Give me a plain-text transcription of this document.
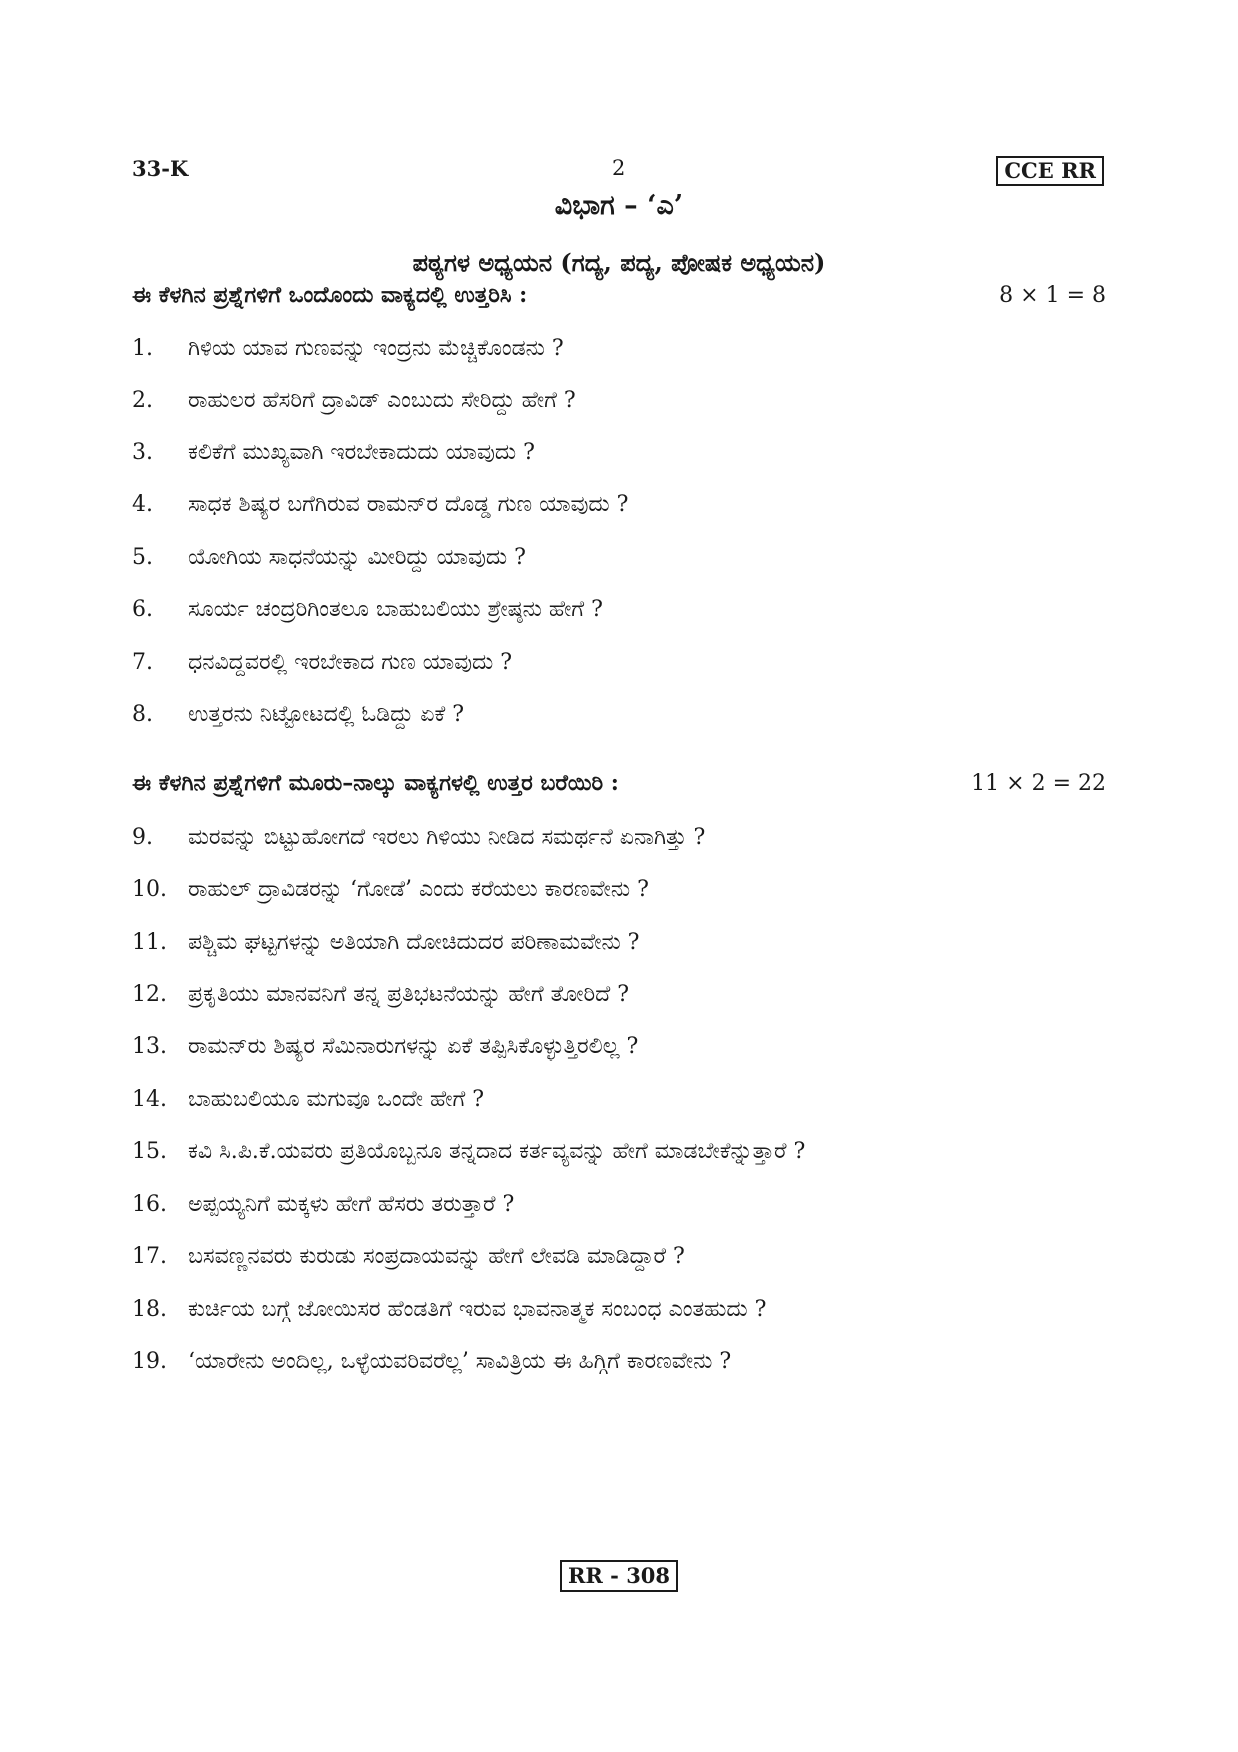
33-K	2	CCE RR
ವಿಭಾಗ – ‘ಎ’
ಪಠ್ಯಗಳ ಅಧ್ಯಯನ (ಗದ್ಯ, ಪದ್ಯ, ಪೋಷಕ ಅಧ್ಯಯನ)
ಈ ಕೆಳಗಿನ ಪ್ರಶ್ನೆಗಳಿಗೆ ಒಂದೊಂದು ವಾಕ್ಯದಲ್ಲಿ ಉತ್ತರಿಸಿ :	8 × 1 = 8
1.	ಗಿಳಿಯ ಯಾವ ಗುಣವನ್ನು ಇಂದ್ರನು ಮೆಚ್ಚಿಕೊಂಡನು ?
2.	ರಾಹುಲರ ಹೆಸರಿಗೆ ದ್ರಾವಿಡ್ ಎಂಬುದು ಸೇರಿದ್ದು ಹೇಗೆ ?
3.	ಕಲಿಕೆಗೆ ಮುಖ್ಯವಾಗಿ ಇರಬೇಕಾದುದು ಯಾವುದು ?
4.	ಸಾಧಕ ಶಿಷ್ಯರ ಬಗೆಗಿರುವ ರಾಮನ್‌ರ ದೊಡ್ಡ ಗುಣ ಯಾವುದು ?
5.	ಯೋಗಿಯ ಸಾಧನೆಯನ್ನು ಮೀರಿದ್ದು ಯಾವುದು ?
6.	ಸೂರ್ಯ ಚಂದ್ರರಿಗಿಂತಲೂ ಬಾಹುಬಲಿಯು ಶ್ರೇಷ್ಠನು ಹೇಗೆ ?
7.	ಧನವಿದ್ದವರಲ್ಲಿ ಇರಬೇಕಾದ ಗುಣ ಯಾವುದು ?
8.	ಉತ್ತರನು ನಿಟ್ಟೋಟದಲ್ಲಿ ಓಡಿದ್ದು ಏಕೆ ?
ಈ ಕೆಳಗಿನ ಪ್ರಶ್ನೆಗಳಿಗೆ ಮೂರು–ನಾಲ್ಕು ವಾಕ್ಯಗಳಲ್ಲಿ ಉತ್ತರ ಬರೆಯಿರಿ :	11 × 2 = 22
9.	ಮರವನ್ನು ಬಿಟ್ಟುಹೋಗದೆ ಇರಲು ಗಿಳಿಯು ನೀಡಿದ ಸಮರ್ಥನೆ ಏನಾಗಿತ್ತು ?
10. ರಾಹುಲ್ ದ್ರಾವಿಡರನ್ನು ‘ಗೋಡೆ’ ಎಂದು ಕರೆಯಲು ಕಾರಣವೇನು ?
11. ಪಶ್ಚಿಮ ಘಟ್ಟಗಳನ್ನು ಅತಿಯಾಗಿ ದೋಚಿದುದರ ಪರಿಣಾಮವೇನು ?
12. ಪ್ರಕೃತಿಯು ಮಾನವನಿಗೆ ತನ್ನ ಪ್ರತಿಭಟನೆಯನ್ನು ಹೇಗೆ ತೋರಿದೆ ?
13. ರಾಮನ್‌ರು ಶಿಷ್ಯರ ಸೆಮಿನಾರುಗಳನ್ನು ಏಕೆ ತಪ್ಪಿಸಿಕೊಳ್ಳುತ್ತಿರಲಿಲ್ಲ ?
14. ಬಾಹುಬಲಿಯೂ ಮಗುವೂ ಒಂದೇ ಹೇಗೆ ?
15. ಕವಿ ಸಿ.ಪಿ.ಕೆ.ಯವರು ಪ್ರತಿಯೊಬ್ಬನೂ ತನ್ನದಾದ ಕರ್ತವ್ಯವನ್ನು ಹೇಗೆ ಮಾಡಬೇಕೆನ್ನುತ್ತಾರೆ ?
16. ಅಪ್ಪಯ್ಯನಿಗೆ ಮಕ್ಕಳು ಹೇಗೆ ಹೆಸರು ತರುತ್ತಾರೆ ?
17. ಬಸವಣ್ಣನವರು ಕುರುಡು ಸಂಪ್ರದಾಯವನ್ನು ಹೇಗೆ ಲೇವಡಿ ಮಾಡಿದ್ದಾರೆ ?
18. ಕುರ್ಚಿಯ ಬಗ್ಗೆ ಜೋಯಿಸರ ಹೆಂಡತಿಗೆ ಇರುವ ಭಾವನಾತ್ಮಕ ಸಂಬಂಧ ಎಂತಹುದು ?
19. ‘ಯಾರೇನು ಅಂದಿಲ್ಲ, ಒಳ್ಳೆಯವರಿವರೆಲ್ಲ’ ಸಾವಿತ್ರಿಯ ಈ ಹಿಗ್ಗಿಗೆ ಕಾರಣವೇನು ?
RR - 308
